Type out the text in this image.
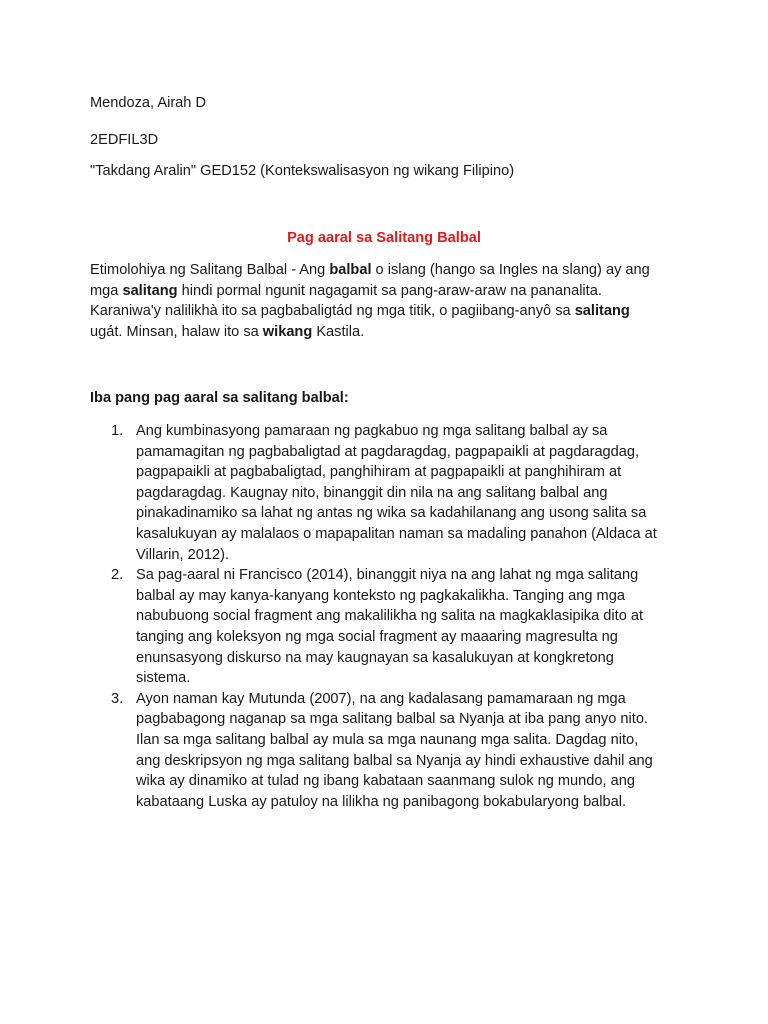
Mendoza, Airah D
2EDFIL3D
"Takdang Aralin" GED152 (Kontekswalisasyon ng wikang Filipino)
Pag aaral sa Salitang Balbal
Etimolohiya ng Salitang Balbal - Ang balbal o islang (hango sa Ingles na slang) ay ang
mga salitang hindi pormal ngunit nagagamit sa pang-araw-araw na pananalita.
Karaniwa'y nalilikhà ito sa pagbabaligtád ng mga titik, o pagiibang-anyô sa salitang
ugát. Minsan, halaw ito sa wikang Kastila.
Iba pang pag aaral sa salitang balbal:
1. Ang kumbinasyong pamaraan ng pagkabuo ng mga salitang balbal ay sa
pamamagitan ng pagbabaligtad at pagdaragdag, pagpapaikli at pagdaragdag,
pagpapaikli at pagbabaligtad, panghihiram at pagpapaikli at panghihiram at
pagdaragdag. Kaugnay nito, binanggit din nila na ang salitang balbal ang
pinakadinamiko sa lahat ng antas ng wika sa kadahilanang ang usong salita sa
kasalukuyan ay malalaos o mapapalitan naman sa madaling panahon (Aldaca at
Villarin, 2012).
2. Sa pag-aaral ni Francisco (2014), binanggit niya na ang lahat ng mga salitang
balbal ay may kanya-kanyang konteksto ng pagkakalikha. Tanging ang mga
nabubuong social fragment ang makalilikha ng salita na magkaklasipika dito at
tanging ang koleksyon ng mga social fragment ay maaaring magresulta ng
enunsasyong diskurso na may kaugnayan sa kasalukuyan at kongkretong
sistema.
3. Ayon naman kay Mutunda (2007), na ang kadalasang pamamaraan ng mga
pagbabagong naganap sa mga salitang balbal sa Nyanja at iba pang anyo nito.
Ilan sa mga salitang balbal ay mula sa mga naunang mga salita. Dagdag nito,
ang deskripsyon ng mga salitang balbal sa Nyanja ay hindi exhaustive dahil ang
wika ay dinamiko at tulad ng ibang kabataan saanmang sulok ng mundo, ang
kabataang Luska ay patuloy na lilikha ng panibagong bokabularyong balbal.
